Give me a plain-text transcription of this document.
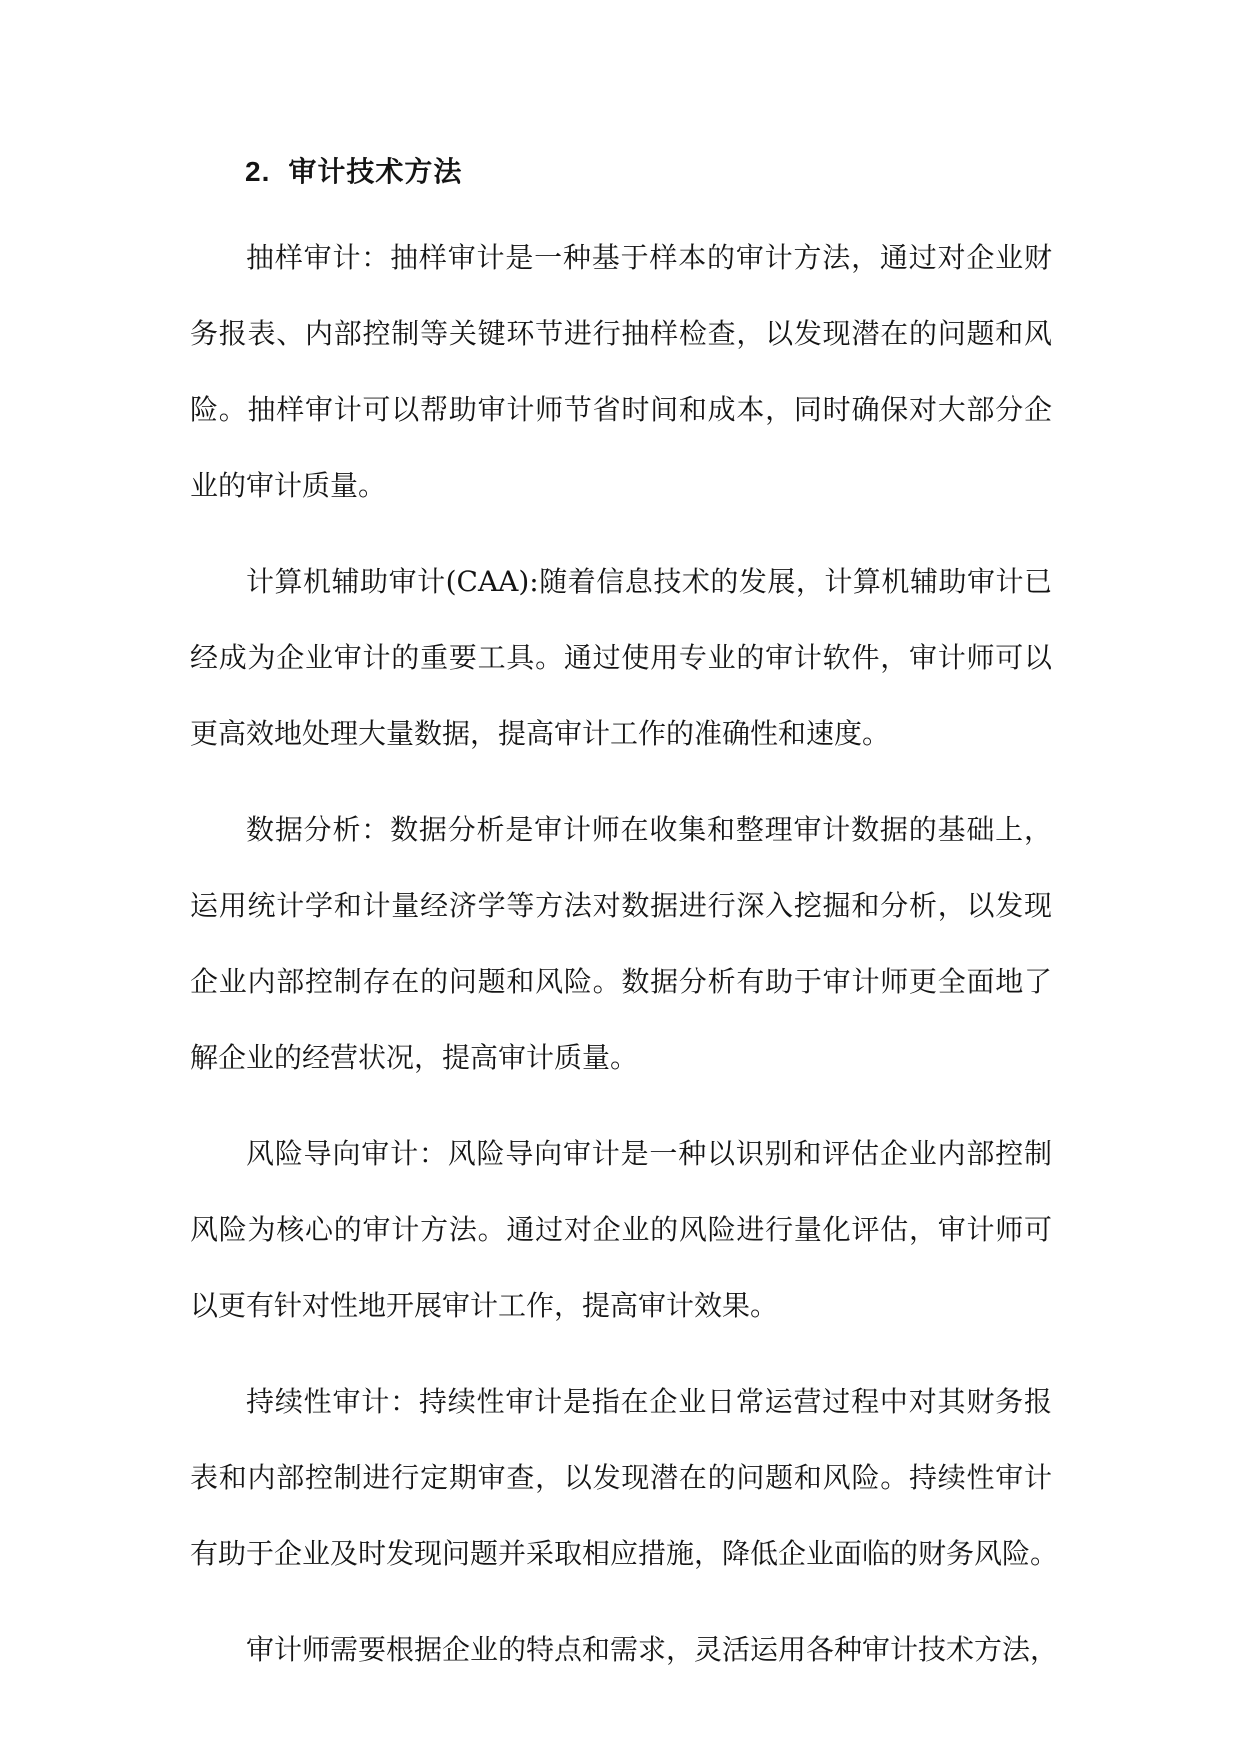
2. 审计技术方法
抽样审计：抽样审计是一种基于样本的审计方法，通过对企业财
务报表、内部控制等关键环节进行抽样检查，以发现潜在的问题和风
险。抽样审计可以帮助审计师节省时间和成本，同时确保对大部分企
业的审计质量。
计算机辅助审计(CAA):随着信息技术的发展，计算机辅助审计已
经成为企业审计的重要工具。通过使用专业的审计软件，审计师可以
更高效地处理大量数据，提高审计工作的准确性和速度。
数据分析：数据分析是审计师在收集和整理审计数据的基础上，
运用统计学和计量经济学等方法对数据进行深入挖掘和分析，以发现
企业内部控制存在的问题和风险。数据分析有助于审计师更全面地了
解企业的经营状况，提高审计质量。
风险导向审计：风险导向审计是一种以识别和评估企业内部控制
风险为核心的审计方法。通过对企业的风险进行量化评估，审计师可
以更有针对性地开展审计工作，提高审计效果。
持续性审计：持续性审计是指在企业日常运营过程中对其财务报
表和内部控制进行定期审查，以发现潜在的问题和风险。持续性审计
有助于企业及时发现问题并采取相应措施，降低企业面临的财务风险。
审计师需要根据企业的特点和需求，灵活运用各种审计技术方法，
